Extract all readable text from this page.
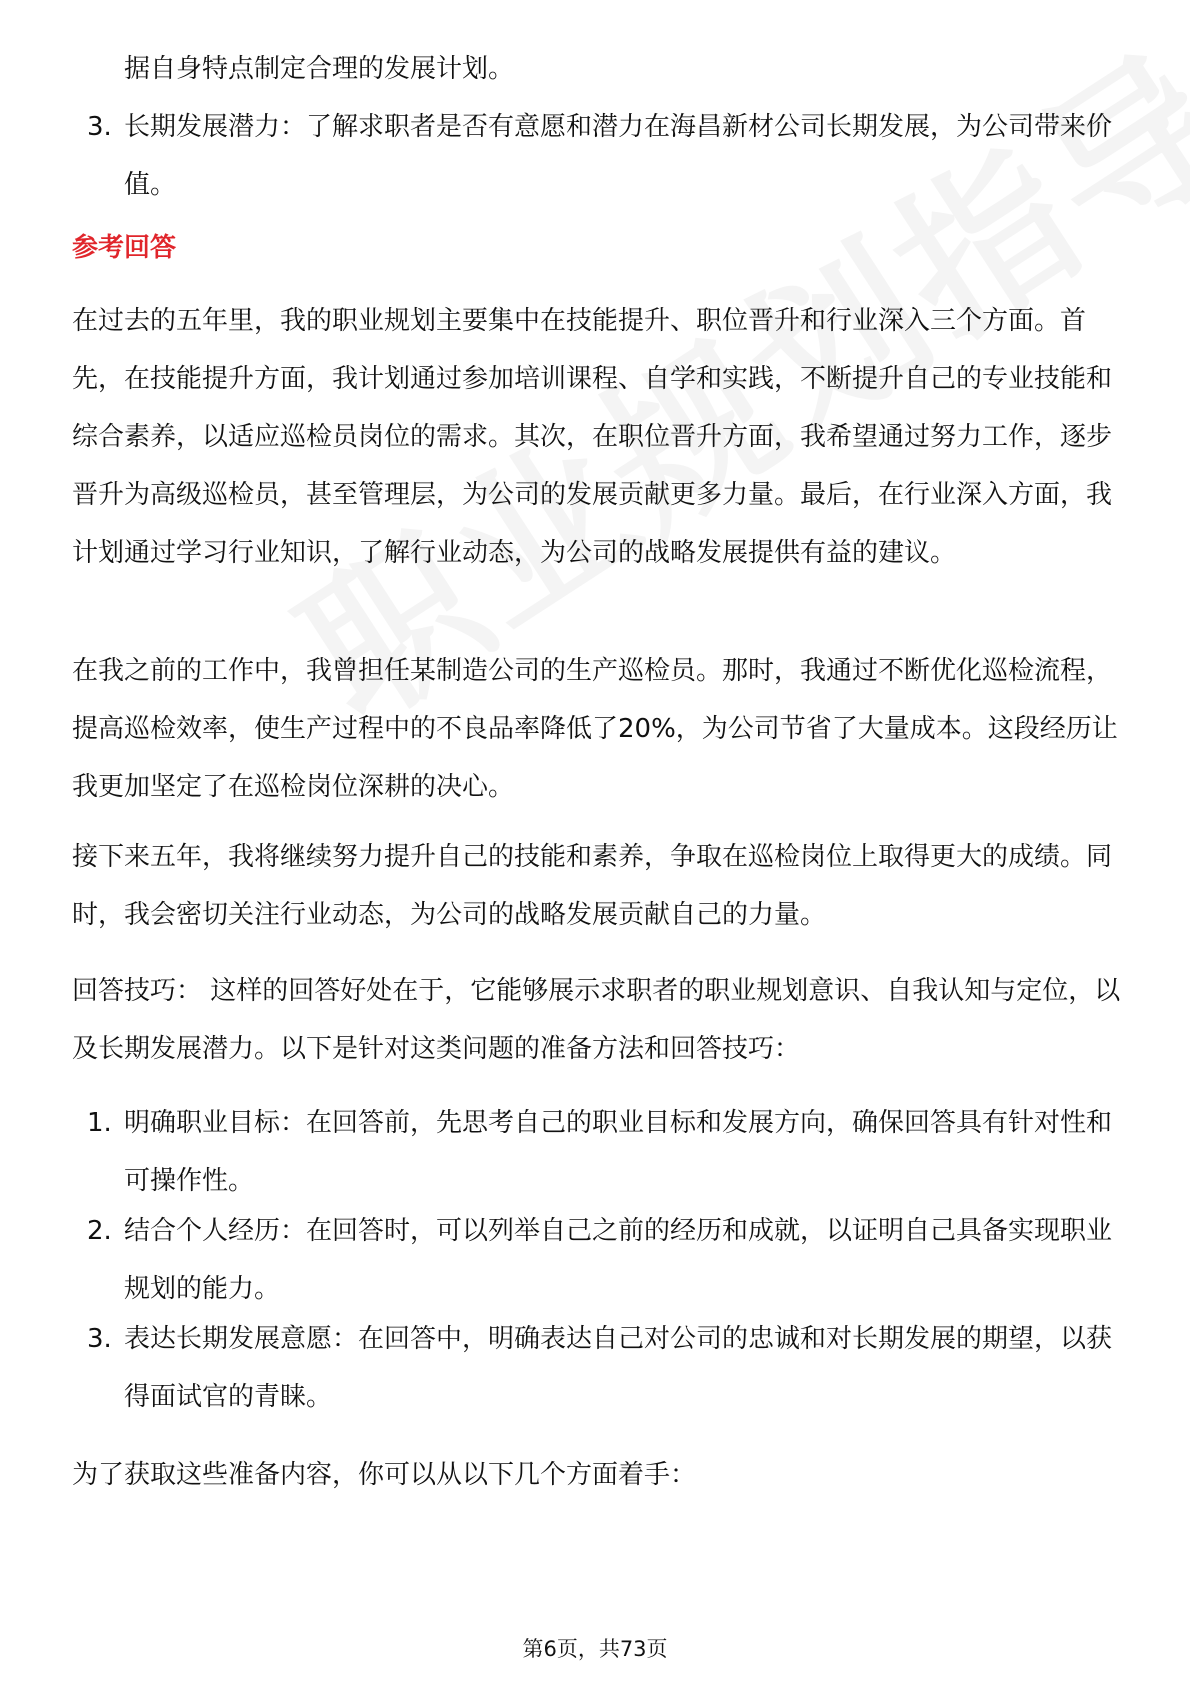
据自身特点制定合理的发展计划。
3. 长期发展潜力：了解求职者是否有意愿和潜力在海昌新材公司长期发展，为公司带来价值。
参考回答

在过去的五年里，我的职业规划主要集中在技能提升、职位晋升和行业深入三个方面。首先，在技能提升方面，我计划通过参加培训课程、自学和实践，不断提升自己的专业技能和综合素养，以适应巡检员岗位的需求。其次，在职位晋升方面，我希望通过努力工作，逐步晋升为高级巡检员，甚至管理层，为公司的发展贡献更多力量。最后，在行业深入方面，我计划通过学习行业知识，了解行业动态，为公司的战略发展提供有益的建议。

在我之前的工作中，我曾担任某制造公司的生产巡检员。那时，我通过不断优化巡检流程，提高巡检效率，使生产过程中的不良品率降低了20%，为公司节省了大量成本。这段经历让我更加坚定了在巡检岗位深耕的决心。

接下来五年，我将继续努力提升自己的技能和素养，争取在巡检岗位上取得更大的成绩。同时，我会密切关注行业动态，为公司的战略发展贡献自己的力量。

回答技巧： 这样的回答好处在于，它能够展示求职者的职业规划意识、自我认知与定位，以及长期发展潜力。以下是针对这类问题的准备方法和回答技巧：

1. 明确职业目标：在回答前，先思考自己的职业目标和发展方向，确保回答具有针对性和可操作性。
2. 结合个人经历：在回答时，可以列举自己之前的经历和成就，以证明自己具备实现职业规划的能力。
3. 表达长期发展意愿：在回答中，明确表达自己对公司的忠诚和对长期发展的期望，以获得面试官的青睐。

为了获取这些准备内容，你可以从以下几个方面着手：

第6页，共73页
